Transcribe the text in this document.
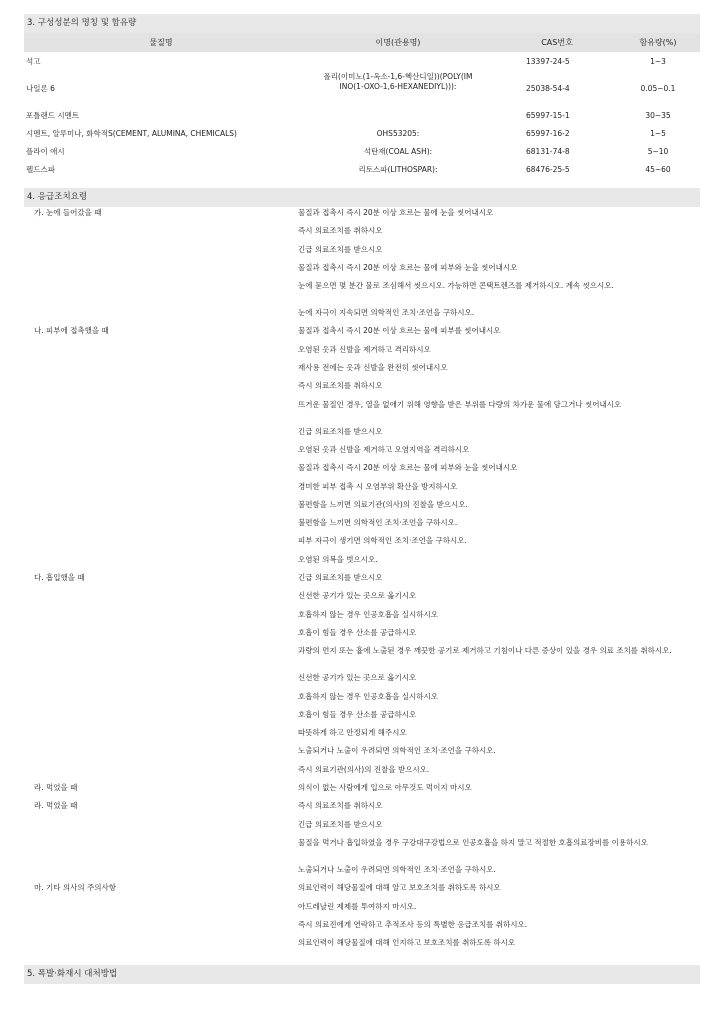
3. 구성성분의 명칭 및 함유량
물질명	이명(관용명)	CAS번호	함유량(%)
석고		13397-24-5	1~3
나일론 6	폴리(이미노(1-옥소-1,6-헥산디일))(POLY(IMINO(1-OXO-1,6-HEXANEDIYL))):	25038-54-4	0.05~0.1
포틀랜드 시멘트		65997-15-1	30~35
시멘트, 알루미나, 화학적S(CEMENT, ALUMINA, CHEMICALS)	OHS53205:	65997-16-2	1~5
플라이 애시	석탄재(COAL ASH):	68131-74-8	5~10
펠드스파	리토스파(LITHOSPAR):	68476-25-5	45~60
4. 응급조치요령
가. 눈에 들어갔을 때	물질과 접촉시 즉시 20분 이상 흐르는 물에 눈을 씻어내시오
즉시 의료조치를 취하시오
긴급 의료조치를 받으시오
물질과 접촉시 즉시 20분 이상 흐르는 물에 피부와 눈을 씻어내시오
눈에 묻으면 몇 분간 물로 조심해서 씻으시오. 가능하면 콘택트렌즈를 제거하시오. 계속 씻으시오.
눈에 자극이 지속되면 의학적인 조치·조언을 구하시오.
나. 피부에 접촉했을 때	물질과 접촉시 즉시 20분 이상 흐르는 물에 피부를 씻어내시오
오염된 옷과 신발을 제거하고 격리하시오
재사용 전에는 옷과 신발을 완전히 씻어내시오
즉시 의료조치를 취하시오
뜨거운 물질인 경우, 열을 없애기 위해 영향을 받은 부위를 다량의 차가운 물에 담그거나 씻어내시오
긴급 의료조치를 받으시오
오염된 옷과 신발을 제거하고 오염지역을 격리하시오
물질과 접촉시 즉시 20분 이상 흐르는 물에 피부와 눈을 씻어내시오
경미한 피부 접촉 시 오염부위 확산을 방지하시오
불편함을 느끼면 의료기관(의사)의 진찰을 받으시오.
불편함을 느끼면 의학적인 조치·조언을 구하시오.
피부 자극이 생기면 의학적인 조치·조언을 구하시오.
오염된 의복을 벗으시오.
다. 흡입했을 때	긴급 의료조치를 받으시오
신선한 공기가 있는 곳으로 옮기시오
호흡하지 않는 경우 인공호흡을 실시하시오
호흡이 힘들 경우 산소를 공급하시오
과량의 먼지 또는 흄에 노출된 경우 깨끗한 공기로 제거하고 기침이나 다른 증상이 있을 경우 의료 조치를 취하시오.
신선한 공기가 있는 곳으로 옮기시오
호흡하지 않는 경우 인공호흡을 실시하시오
호흡이 힘들 경우 산소를 공급하시오
따뜻하게 하고 안정되게 해주시오
노출되거나 노출이 우려되면 의학적인 조치·조언을 구하시오.
즉시 의료기관(의사)의 진찰을 받으시오.
라. 먹었을 때	의식이 없는 사람에게 입으로 아무것도 먹이지 마시오
라. 먹었을 때	즉시 의료조치를 취하시오
긴급 의료조치를 받으시오
물질을 먹거나 흡입하였을 경우 구강대구강법으로 인공호흡을 하지 말고 적절한 호흡의료장비를 이용하시오
노출되거나 노출이 우려되면 의학적인 조치·조언을 구하시오.
마. 기타 의사의 주의사항	의료인력이 해당물질에 대해 알고 보호조치를 취하도록 하시오
아드레날린 제제를 투여하지 마시오.
즉시 의료진에게 연락하고 추적조사 등의 특별한 응급조치를 취하시오.
의료인력이 해당물질에 대해 인지하고 보호조치를 취하도록 하시오
5. 폭발·화재시 대처방법
